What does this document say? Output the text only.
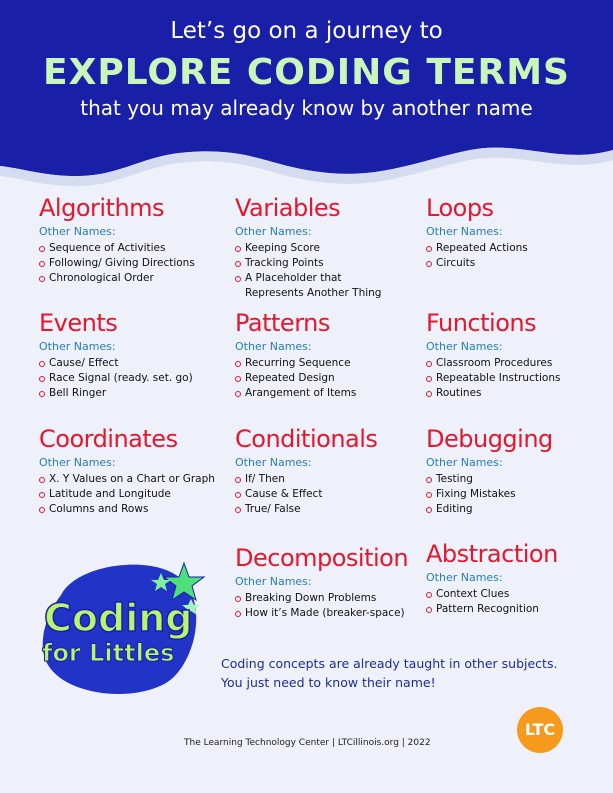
Let’s go on a journey to
EXPLORE CODING TERMS
that you may already know by another name
Algorithms
Other Names:
Sequence of Activities
Following/ Giving Directions
Chronological Order
Variables
Other Names:
Keeping Score
Tracking Points
A Placeholder that Represents Another Thing
Loops
Other Names:
Repeated Actions
Circuits
Events
Other Names:
Cause/ Effect
Race Signal (ready. set. go)
Bell Ringer
Patterns
Other Names:
Recurring Sequence
Repeated Design
Arangement of Items
Functions
Other Names:
Classroom Procedures
Repeatable Instructions
Routines
Coordinates
Other Names:
X. Y Values on a Chart or Graph
Latitude and Longitude
Columns and Rows
Conditionals
Other Names:
If/ Then
Cause & Effect
True/ False
Debugging
Other Names:
Testing
Fixing Mistakes
Editing
Decomposition
Other Names:
Breaking Down Problems
How it’s Made (breaker-space)
Abstraction
Other Names:
Context Clues
Pattern Recognition
Coding
for Littles	Coding concepts are already taught in other subjects.
You just need to know their name!
The Learning Technology Center | LTCillinois.org | 2022
LTC
